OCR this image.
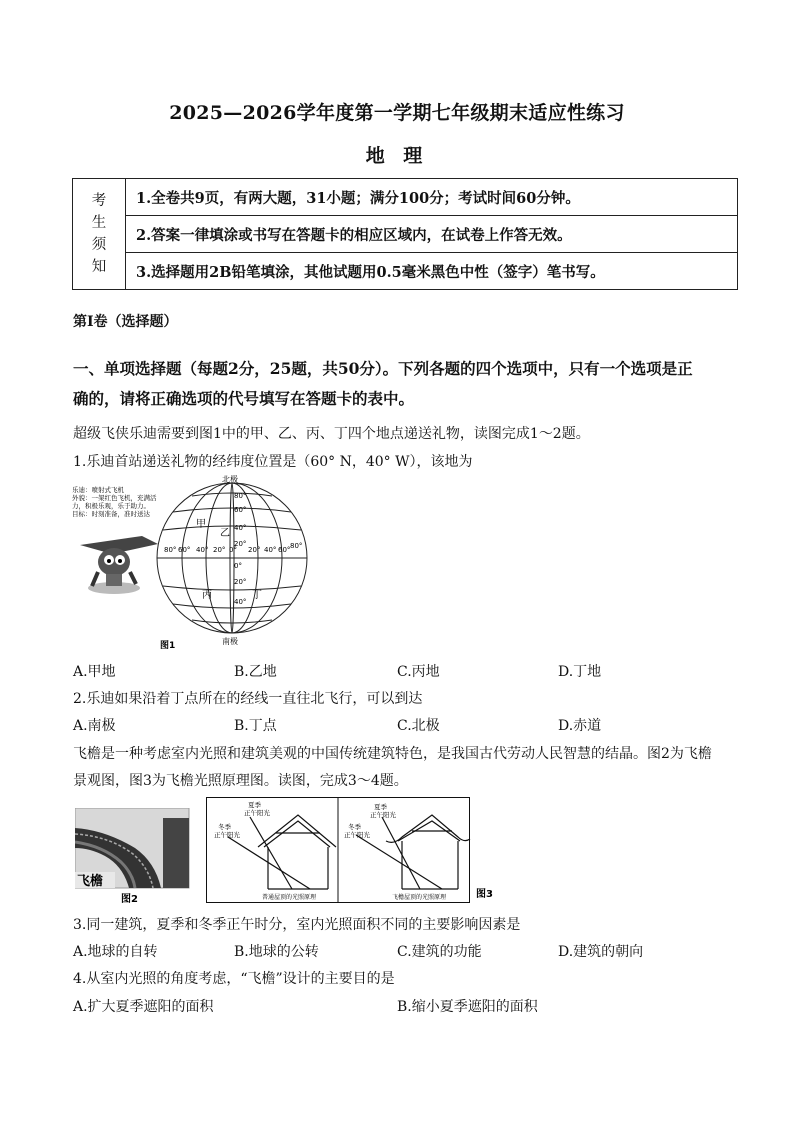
2025—2026学年度第一学期七年级期末适应性练习
地 理
考生
须知
	1.全卷共9页，有两大题，31小题；满分100分；考试时间60分钟。
2.答案一律填涂或书写在答题卡的相应区域内，在试卷上作答无效。
3.选择题用2B铅笔填涂，其他试题用0.5毫米黑色中性（签字）笔书写。
第Ⅰ卷（选择题）
一、单项选择题（每题2分，25题，共50分）。下列各题的四个选项中，只有一个选项是正
确的，请将正确选项的代号填写在答题卡的表中。
超级飞侠乐迪需要到图1中的甲、乙、丙、丁四个地点递送礼物，读图完成1～2题。
1.乐迪首站递送礼物的经纬度位置是（60° N，40° W），该地为
乐迪：喷射式飞机
外貌：一架红色飞机，充满活
力，积极乐观，乐于助力。
目标：时刻准备，准时送达
北极
南极
60°
40°
20°
0°
20°
40°
80°
80° 60° 40° 20° 0° 20° 40° 60° 80°
甲
乙
丙	丁
图1
A.甲地	B.乙地	C.丙地	D.丁地
2.乐迪如果沿着丁点所在的经线一直往北飞行，可以到达
A.南极	B.丁点	C.北极	D.赤道
飞檐是一种考虑室内光照和建筑美观的中国传统建筑特色，是我国古代劳动人民智慧的结晶。图2为飞檐
景观图，图3为飞檐光照原理图。读图，完成3～4题。
飞檐
图2
夏季
正午阳光
冬季
正午阳光
夏季
正午阳光
冬季
正午阳光
普通屋顶的光照原理	飞檐屋顶的光照原理	图3
3.同一建筑，夏季和冬季正午时分，室内光照面积不同的主要影响因素是
A.地球的自转	B.地球的公转	C.建筑的功能	D.建筑的朝向
4.从室内光照的角度考虑，“飞檐”设计的主要目的是
A.扩大夏季遮阳的面积	B.缩小夏季遮阳的面积
